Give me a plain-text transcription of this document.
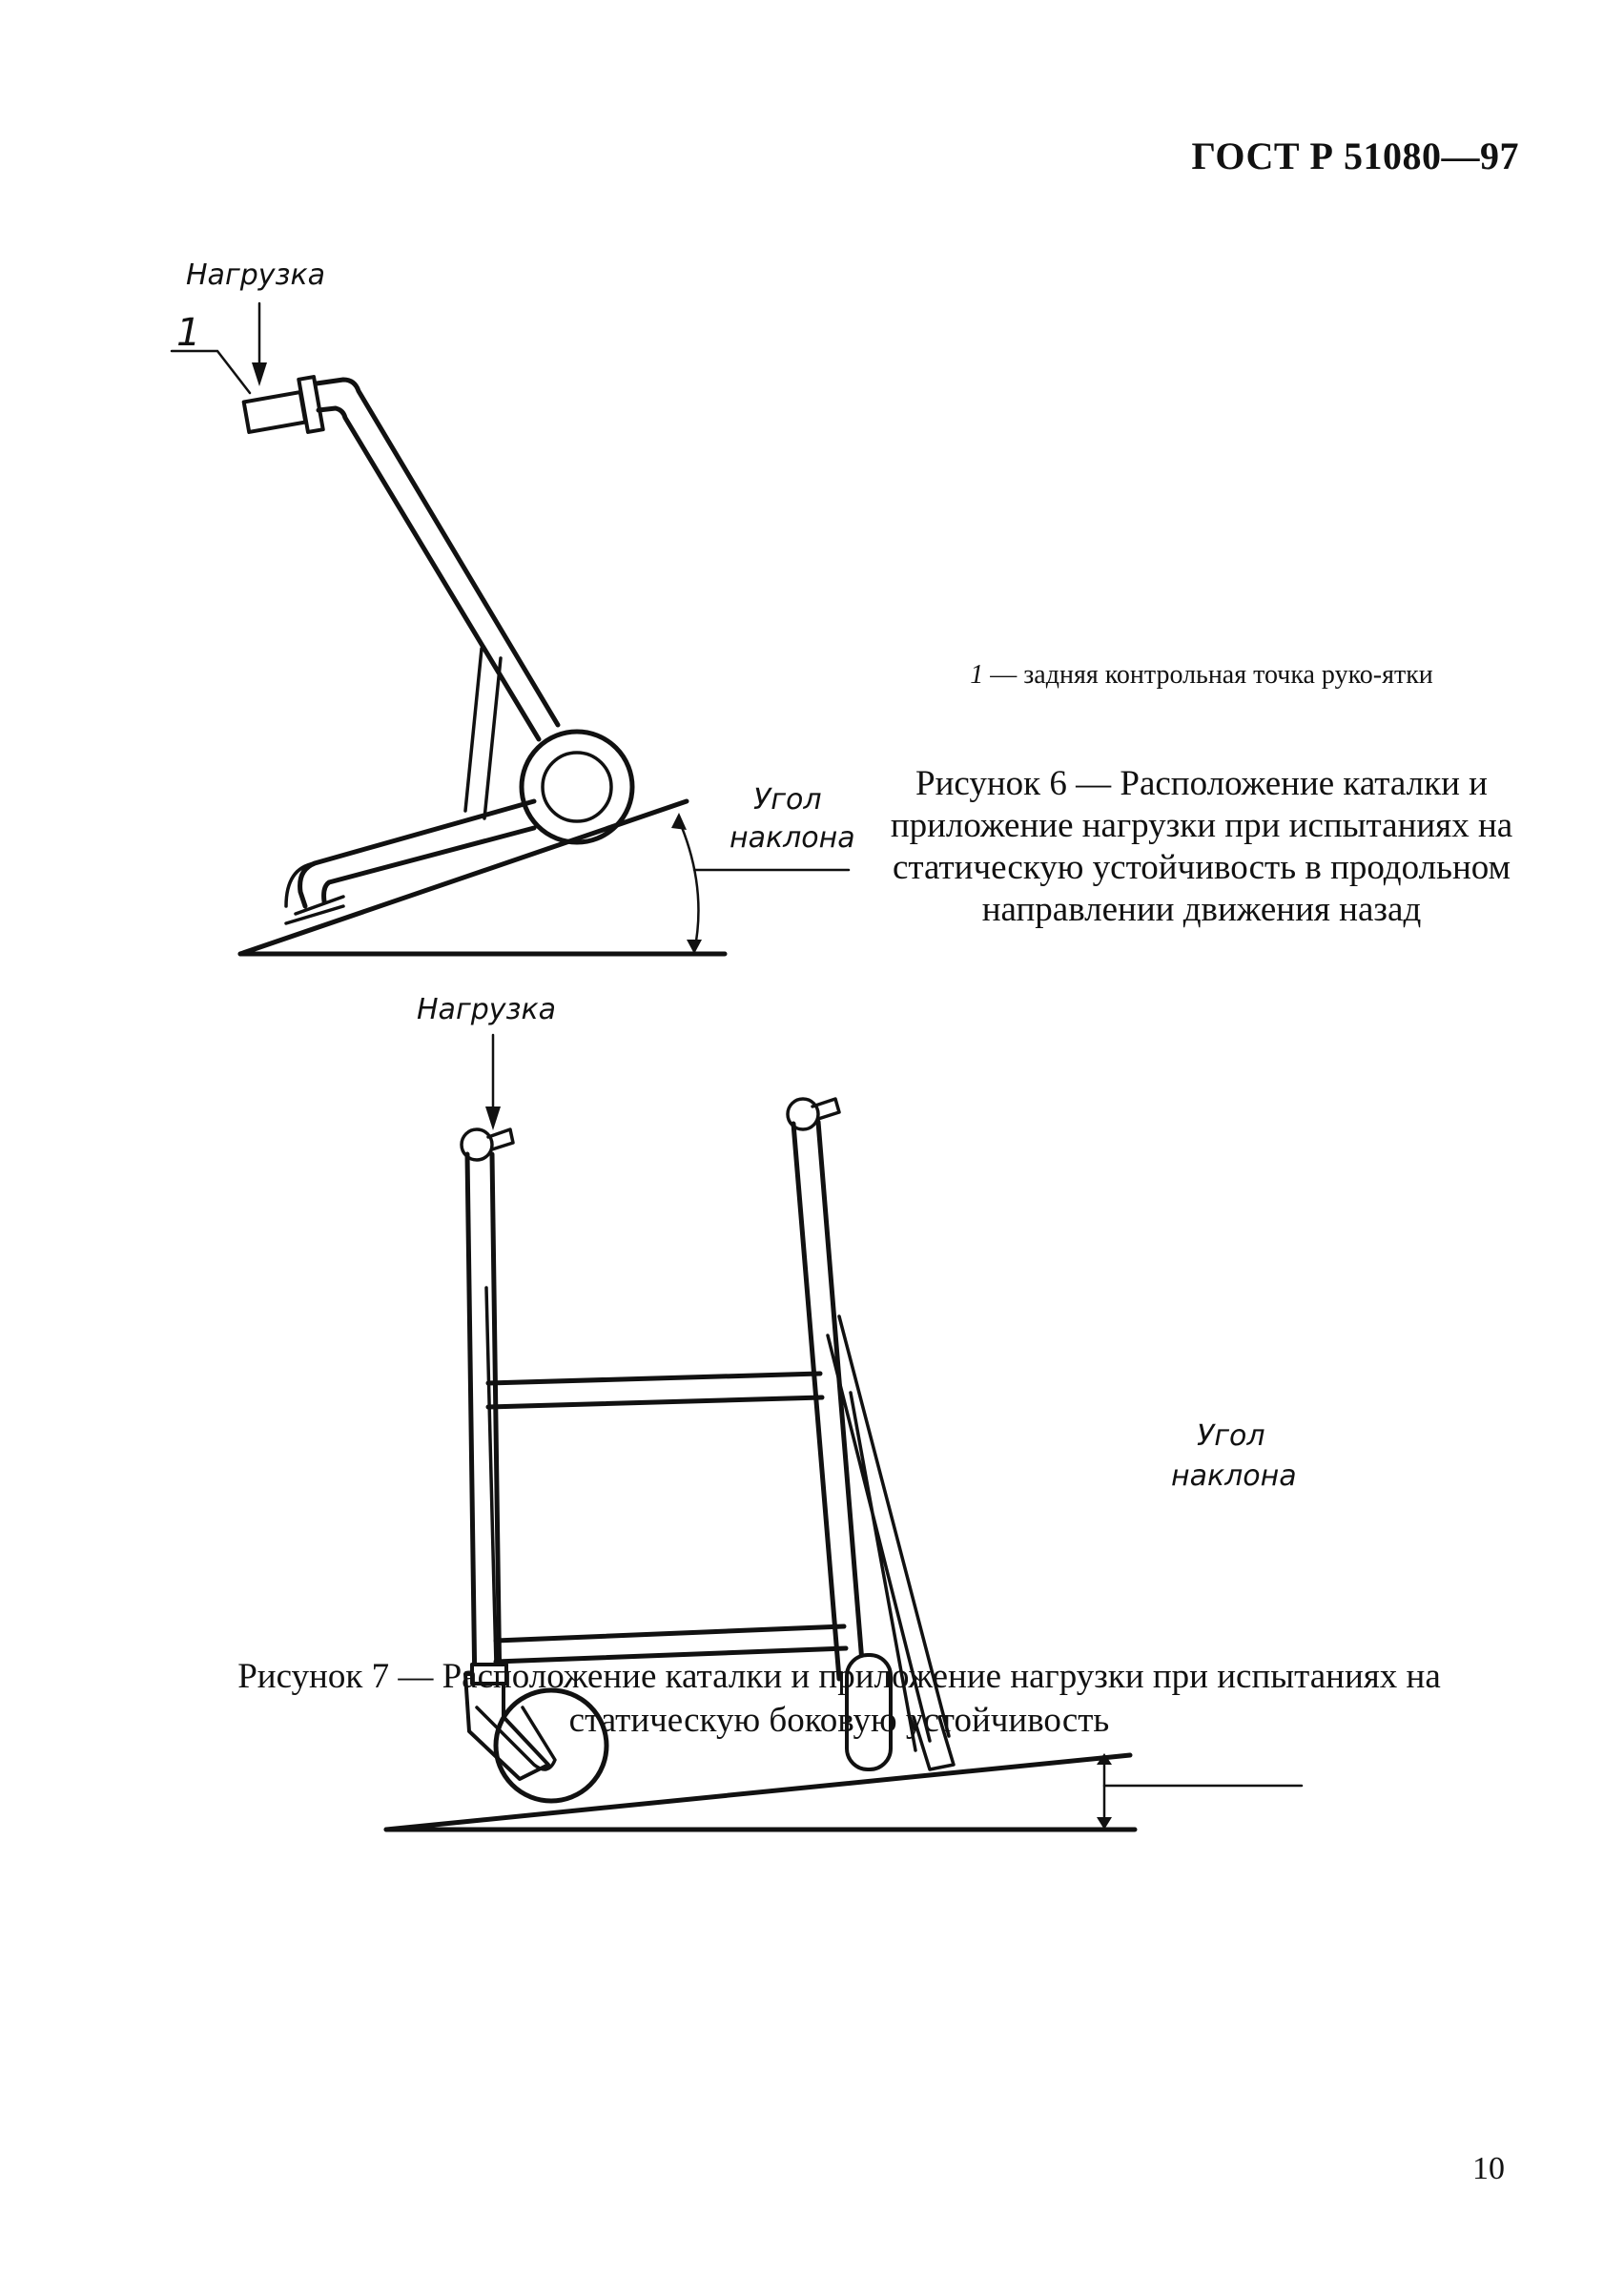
ГОСТ Р 51080—97
Нагрузка
1
Угол
наклона
Нагрузка
Угол
наклона
1 — задняя контрольная точка руко-ятки
Рисунок 6 — Расположение каталки и приложение нагрузки при испытаниях на статическую устойчивость в продольном направлении движения назад
Рисунок 7 — Расположение каталки и приложение нагрузки при испытаниях на статическую боковую устойчивость
10
